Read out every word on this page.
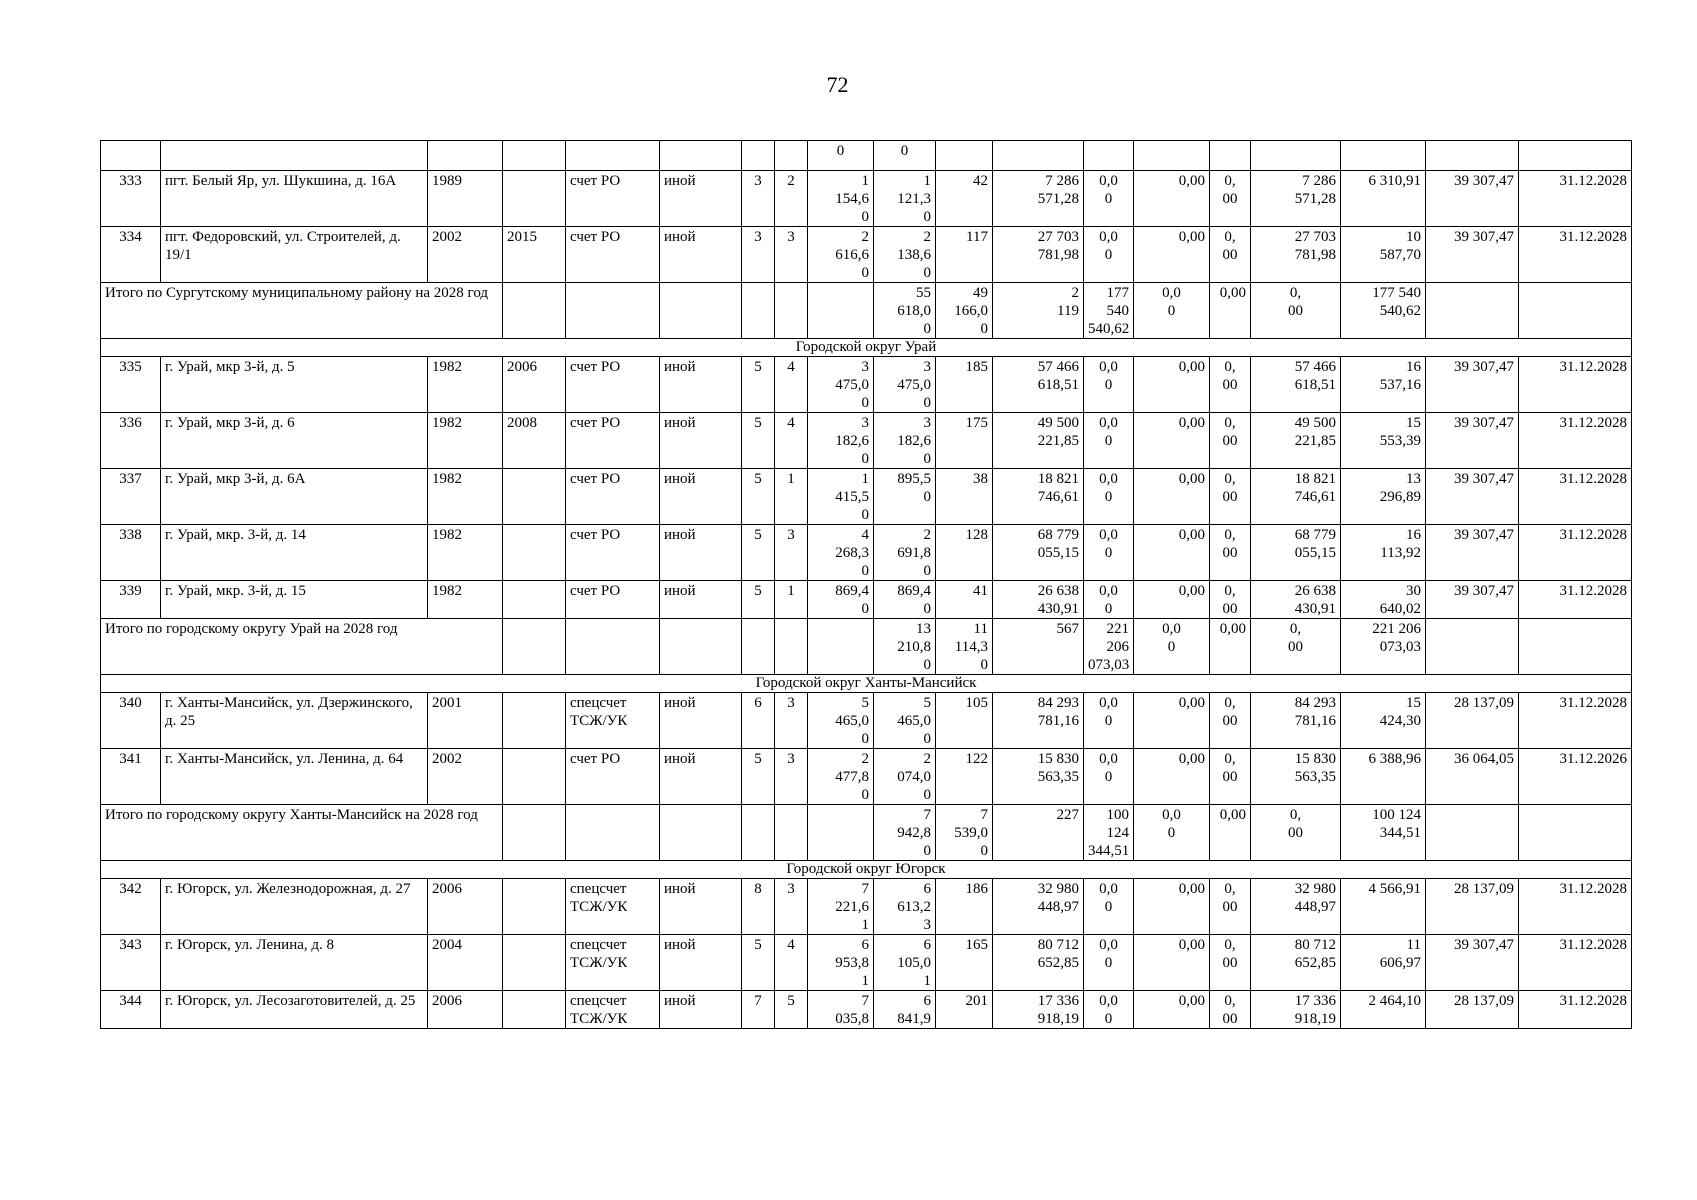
72
								0	0										
333	пгт. Белый Яр, ул. Шукшина, д. 16А	1989		счет РО	иной	3	2	1
154,6
0	1
121,3
0	42	7 286
571,28	0,0
0	0,00	0,
00	7 286
571,28	6 310,91	39 307,47	31.12.2028	
334	пгт. Федоровский, ул. Строителей, д. 19/1	2002	2015	счет РО	иной	3	3	2
616,6
0	2
138,6
0	117	27 703
781,98	0,0
0	0,00	0,
00	27 703
781,98	10
587,70	39 307,47	31.12.2028	
Итого по Сургутскому муниципальному району на 2028 год									55
618,0
0	49
166,0
0	2
119	177 540
540,62	0,0
0	0,00	0,
00	177 540
540,62			
Городской округ Урай																			
335	г. Урай, мкр 3-й, д. 5	1982	2006	счет РО	иной	5	4	3
475,0
0	3
475,0
0	185	57 466
618,51	0,0
0	0,00	0,
00	57 466
618,51	16
537,16	39 307,47	31.12.2028	
336	г. Урай, мкр 3-й, д. 6	1982	2008	счет РО	иной	5	4	3
182,6
0	3
182,6
0	175	49 500
221,85	0,0
0	0,00	0,
00	49 500
221,85	15
553,39	39 307,47	31.12.2028	
337	г. Урай, мкр 3-й, д. 6А	1982		счет РО	иной	5	1	1
415,5
0	895,5
0	38	18 821
746,61	0,0
0	0,00	0,
00	18 821
746,61	13
296,89	39 307,47	31.12.2028	
338	г. Урай, мкр. 3-й, д. 14	1982		счет РО	иной	5	3	4
268,3
0	2
691,8
0	128	68 779
055,15	0,0
0	0,00	0,
00	68 779
055,15	16
113,92	39 307,47	31.12.2028	
339	г. Урай, мкр. 3-й, д. 15	1982		счет РО	иной	5	1	869,4
0	869,4
0	41	26 638
430,91	0,0
0	0,00	0,
00	26 638
430,91	30
640,02	39 307,47	31.12.2028	
Итого по городскому округу Урай на 2028 год									13
210,8
0	11
114,3
0	567	221 206
073,03	0,0
0	0,00	0,
00	221 206
073,03			
Городской округ Ханты-Мансийск																			
340	г. Ханты-Мансийск, ул. Дзержинского, д. 25	2001		спецсчет
ТСЖ/УК	иной	6	3	5
465,0
0	5
465,0
0	105	84 293
781,16	0,0
0	0,00	0,
00	84 293
781,16	15
424,30	28 137,09	31.12.2028	
341	г. Ханты-Мансийск, ул. Ленина, д. 64	2002		счет РО	иной	5	3	2
477,8
0	2
074,0
0	122	15 830
563,35	0,0
0	0,00	0,
00	15 830
563,35	6 388,96	36 064,05	31.12.2026	
Итого по городскому округу Ханты-Мансийск на 2028 год									7
942,8
0	7
539,0
0	227	100 124
344,51	0,0
0	0,00	0,
00	100 124
344,51			
Городской округ Югорск																			
342	г. Югорск, ул. Железнодорожная, д. 27	2006		спецсчет
ТСЖ/УК	иной	8	3	7
221,6
1	6
613,2
3	186	32 980
448,97	0,0
0	0,00	0,
00	32 980
448,97	4 566,91	28 137,09	31.12.2028	
343	г. Югорск, ул. Ленина, д. 8	2004		спецсчет
ТСЖ/УК	иной	5	4	6
953,8
1	6
105,0
1	165	80 712
652,85	0,0
0	0,00	0,
00	80 712
652,85	11
606,97	39 307,47	31.12.2028	
344	г. Югорск, ул. Лесозаготовителей, д. 25	2006		спецсчет
ТСЖ/УК	иной	7	5	7
035,8	6
841,9	201	17 336
918,19	0,0
0	0,00	0,
00	17 336
918,19	2 464,10	28 137,09	31.12.2028	
